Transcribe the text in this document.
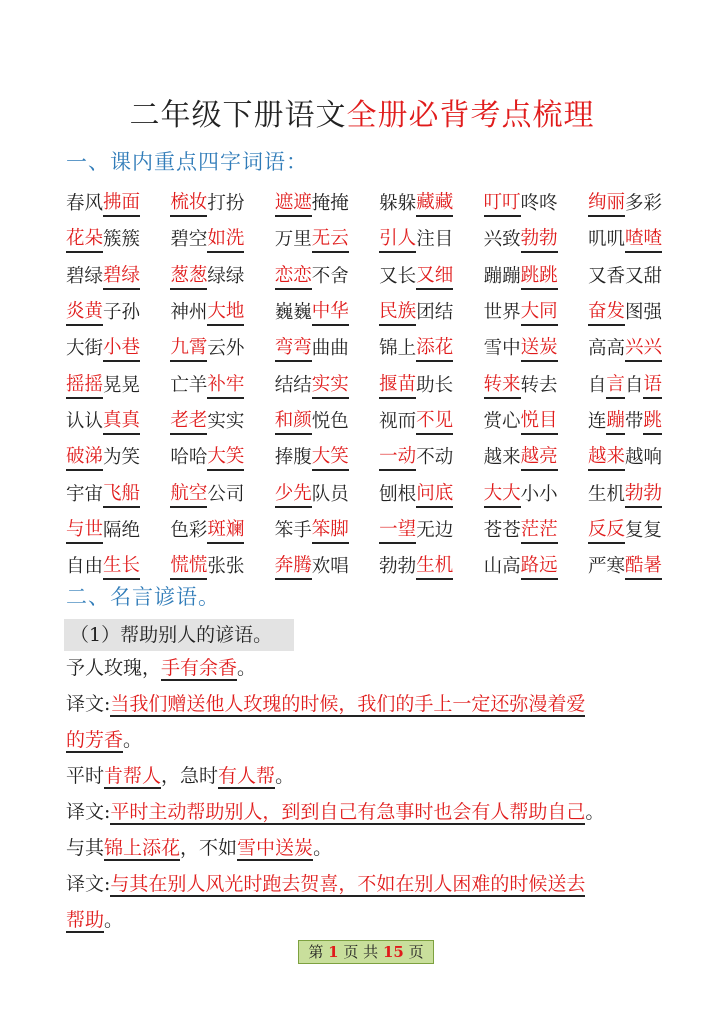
二年级下册语文全册必背考点梳理
一、课内重点四字词语：
春风 拂面 梳妆 打扮 遮遮 掩掩 躲躲 藏藏 叮叮 咚咚 绚丽 多彩
花朵 簇簇 碧空 如洗 万里 无云 引人 注目 兴致 勃勃 叽叽 喳喳
碧绿 碧绿 葱葱 绿绿 恋恋 不舍 又长 又细 蹦蹦 跳跳 又香 又甜
炎黄 子孙 神州 大地 巍巍 中华 民族 团结 世界 大同 奋发 图强
大街 小巷 九霄 云外 弯弯 曲曲 锦上 添花 雪中 送炭 高高 兴兴
摇摇 晃晃 亡羊 补牢 结结 实实 揠苗 助长 转来 转去 自 言 自 语
认认 真真 老老 实实 和颜 悦色 视而 不见 赏心 悦目 连 蹦 带 跳
破涕 为笑 哈哈 大笑 捧腹 大笑 一动 不动 越来 越亮 越来 越响
宇宙 飞船 航空 公司 少先 队员 刨根 问底 大大 小小 生机 勃勃
与世 隔绝 色彩 斑斓 笨手 笨脚 一望 无边 苍苍 茫茫 反反 复复
自由 生长 慌慌 张张 奔腾 欢唱 勃勃 生机 山高 路远 严寒 酷暑
二、名言谚语。
（1）帮助别人的谚语。
予人玫瑰，手有余香。
译文:当我们赠送他人玫瑰的时候，我们的手上一定还弥漫着爱
的芳香。
平时肯帮人，急时有人帮。
译文:平时主动帮助别人，到到自己有急事时也会有人帮助自己。
与其锦上添花，不如雪中送炭。
译文:与其在别人风光时跑去贺喜，不如在别人困难的时候送去
帮助。
第 1 页 共 15 页
